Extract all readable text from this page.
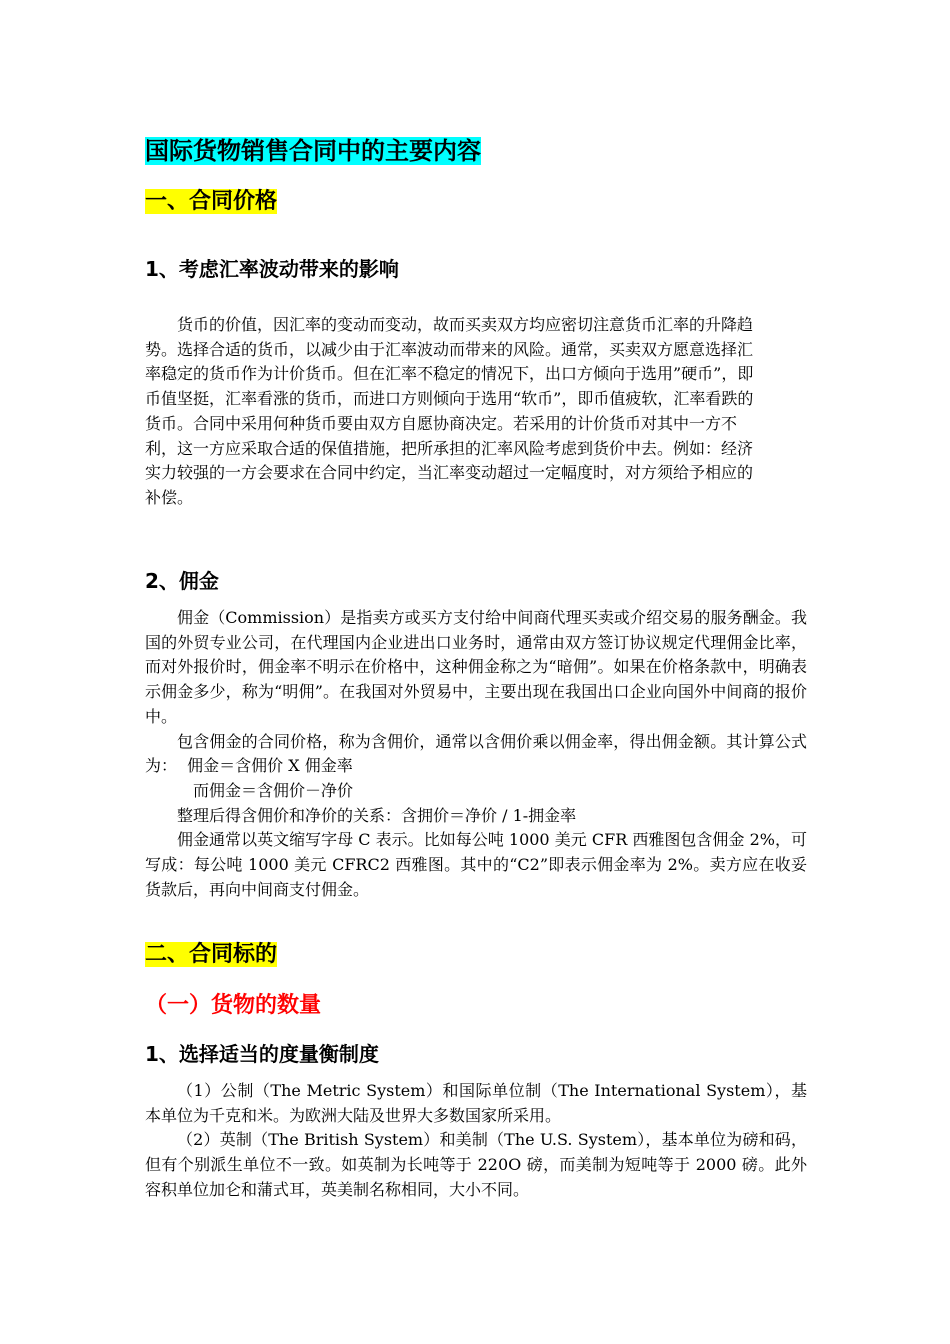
国际货物销售合同中的主要内容
一、合同价格
1、考虑汇率波动带来的影响

货币的价值，因汇率的变动而变动，故而买卖双方均应密切注意货币汇率的升降趋势。选择合适的货币，以减少由于汇率波动而带来的风险。通常，买卖双方愿意选择汇率稳定的货币作为计价货币。但在汇率不稳定的情况下，出口方倾向于选用”硬币”，即币值坚挺，汇率看涨的货币，而进口方则倾向于选用“软币”，即币值疲软，汇率看跌的货币。合同中采用何种货币要由双方自愿协商决定。若采用的计价货币对其中一方不利，这一方应采取合适的保值措施，把所承担的汇率风险考虑到货价中去。例如：经济实力较强的一方会要求在合同中约定，当汇率变动超过一定幅度时，对方须给予相应的补偿。

2、佣金

佣金（Commission）是指卖方或买方支付给中间商代理买卖或介绍交易的服务酬金。我国的外贸专业公司，在代理国内企业进出口业务时，通常由双方签订协议规定代理佣金比率，而对外报价时，佣金率不明示在价格中，这种佣金称之为“暗佣”。如果在价格条款中，明确表示佣金多少，称为“明佣”。在我国对外贸易中，主要出现在我国出口企业向国外中间商的报价中。

包含佣金的合同价格，称为含佣价，通常以含佣价乘以佣金率，得出佣金额。其计算公式为：  佣金＝含佣价 X 佣金率

而佣金＝含佣价－净价

整理后得含佣价和净价的关系：含拥价＝净价 / 1-拥金率

佣金通常以英文缩写字母 C 表示。比如每公吨 1000 美元 CFR 西雅图包含佣金 2%，可写成：每公吨 1000 美元 CFRC2 西雅图。其中的“C2”即表示佣金率为 2%。卖方应在收妥货款后，再向中间商支付佣金。

二、合同标的
（一）货物的数量
1、选择适当的度量衡制度

（1）公制（The Metric System）和国际单位制（The International System），基本单位为千克和米。为欧洲大陆及世界大多数国家所采用。

（2）英制（The British System）和美制（The U.S. System），基本单位为磅和码，但有个别派生单位不一致。如英制为长吨等于 220O 磅，而美制为短吨等于 2000 磅。此外容积单位加仑和蒲式耳，英美制名称相同，大小不同。
